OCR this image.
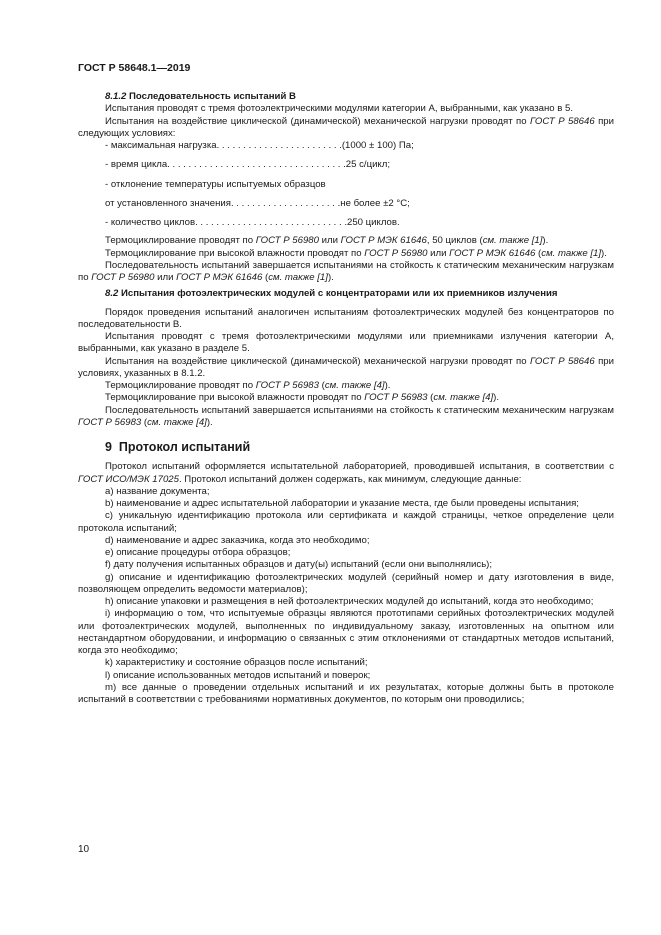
ГОСТ Р 58648.1—2019

8.1.2 Последовательность испытаний В

Испытания проводят с тремя фотоэлектрическими модулями категории А, выбранными, как указано в 5.

Испытания на воздействие циклической (динамической) механической нагрузки проводят по ГОСТ Р 58646 при следующих условиях:

- максимальная нагрузка . . . . . . . . . . . . . . . . . . . . . . . . (1000 ± 100) Па;
- время цикла . . . . . . . . . . . . . . . . . . . . . . . . . . . . . . . . . . 25 с/цикл;
- отклонение температуры испытуемых образцов
от установленного значения . . . . . . . . . . . . . . . . . . . . . не более ±2 °С;
- количество циклов . . . . . . . . . . . . . . . . . . . . . . . . . . . . . 250 циклов.

Термоциклирование проводят по ГОСТ Р 56980 или ГОСТ Р МЭК 61646, 50 циклов (см. также [1]).

Термоциклирование при высокой влажности проводят по ГОСТ Р 56980 или ГОСТ Р МЭК 61646 (см. также [1]).

Последовательность испытаний завершается испытаниями на стойкость к статическим механическим нагрузкам по ГОСТ Р 56980 или ГОСТ Р МЭК 61646 (см. также [1]).

8.2 Испытания фотоэлектрических модулей с концентраторами или их приемников излучения

Порядок проведения испытаний аналогичен испытаниям фотоэлектрических модулей без концентраторов по последовательности В.

Испытания проводят с тремя фотоэлектрическими модулями или приемниками излучения категории А, выбранными, как указано в разделе 5.

Испытания на воздействие циклической (динамической) механической нагрузки проводят по ГОСТ Р 58646 при условиях, указанных в 8.1.2.

Термоциклирование проводят по ГОСТ Р 56983 (см. также [4]).

Термоциклирование при высокой влажности проводят по ГОСТ Р 56983 (см. также [4]).

Последовательность испытаний завершается испытаниями на стойкость к статическим механическим нагрузкам ГОСТ Р 56983 (см. также [4]).

9 Протокол испытаний

Протокол испытаний оформляется испытательной лабораторией, проводившей испытания, в соответствии с ГОСТ ИСО/МЭК 17025. Протокол испытаний должен содержать, как минимум, следующие данные:

a) название документа;

b) наименование и адрес испытательной лаборатории и указание места, где были проведены испытания;

c) уникальную идентификацию протокола или сертификата и каждой страницы, четкое определение цели протокола испытаний;

d) наименование и адрес заказчика, когда это необходимо;

e) описание процедуры отбора образцов;

f) дату получения испытанных образцов и дату(ы) испытаний (если они выполнялись);

g) описание и идентификацию фотоэлектрических модулей (серийный номер и дату изготовления в виде, позволяющем определить ведомости материалов);

h) описание упаковки и размещения в ней фотоэлектрических модулей до испытаний, когда это необходимо;

i) информацию о том, что испытуемые образцы являются прототипами серийных фотоэлектрических модулей или фотоэлектрических модулей, выполненных по индивидуальному заказу, изготовленных на опытном или нестандартном оборудовании, и информацию о связанных с этим отклонениями от стандартных методов испытаний, когда это необходимо;

k) характеристику и состояние образцов после испытаний;

l) описание использованных методов испытаний и поверок;

m) все данные о проведении отдельных испытаний и их результатах, которые должны быть в протоколе испытаний в соответствии с требованиями нормативных документов, по которым они проводились;

10
